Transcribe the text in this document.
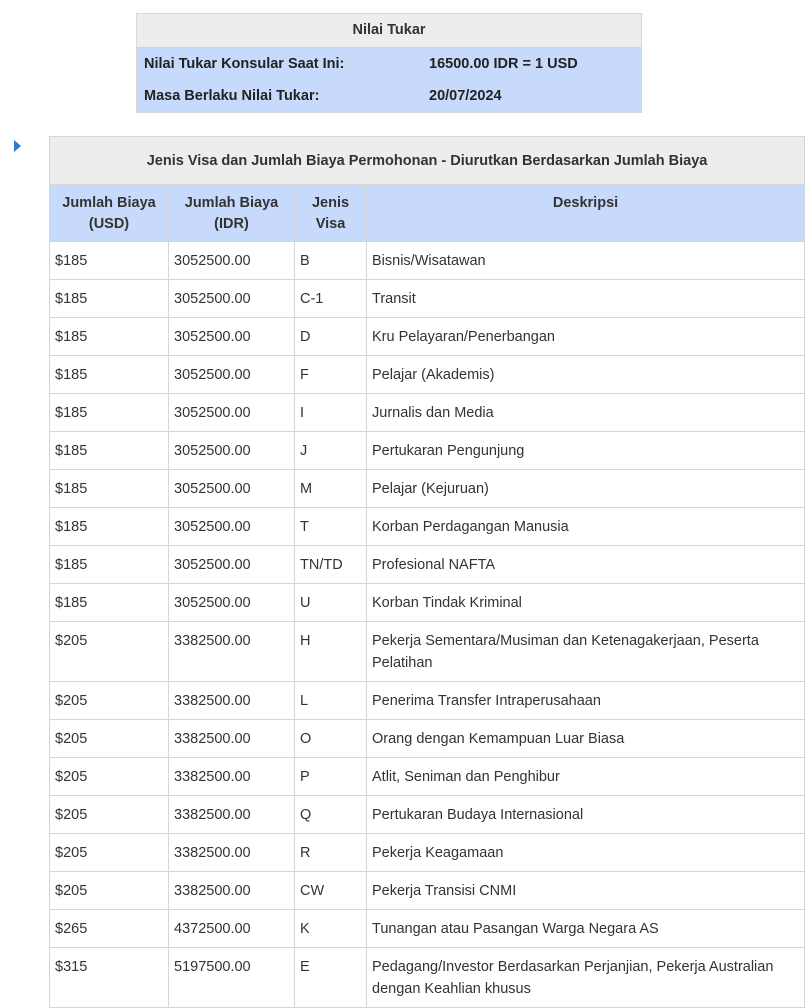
Nilai Tukar
Nilai Tukar Konsular Saat Ini:	16500.00 IDR = 1 USD
Masa Berlaku Nilai Tukar:	20/07/2024
Jenis Visa dan Jumlah Biaya Permohonan - Diurutkan Berdasarkan Jumlah Biaya			
Jumlah Biaya (USD)	Jumlah Biaya (IDR)	Jenis Visa	Deskripsi
$185	3052500.00	B	Bisnis/Wisatawan
$185	3052500.00	C-1	Transit
$185	3052500.00	D	Kru Pelayaran/Penerbangan
$185	3052500.00	F	Pelajar (Akademis)
$185	3052500.00	I	Jurnalis dan Media
$185	3052500.00	J	Pertukaran Pengunjung
$185	3052500.00	M	Pelajar (Kejuruan)
$185	3052500.00	T	Korban Perdagangan Manusia
$185	3052500.00	TN/TD	Profesional NAFTA
$185	3052500.00	U	Korban Tindak Kriminal
$205	3382500.00	H	Pekerja Sementara/Musiman dan Ketenagakerjaan, Peserta Pelatihan
$205	3382500.00	L	Penerima Transfer Intraperusahaan
$205	3382500.00	O	Orang dengan Kemampuan Luar Biasa
$205	3382500.00	P	Atlit, Seniman dan Penghibur
$205	3382500.00	Q	Pertukaran Budaya Internasional
$205	3382500.00	R	Pekerja Keagamaan
$205	3382500.00	CW	Pekerja Transisi CNMI
$265	4372500.00	K	Tunangan atau Pasangan Warga Negara AS
$315	5197500.00	E	Pedagang/Investor Berdasarkan Perjanjian, Pekerja Australian dengan Keahlian khusus
